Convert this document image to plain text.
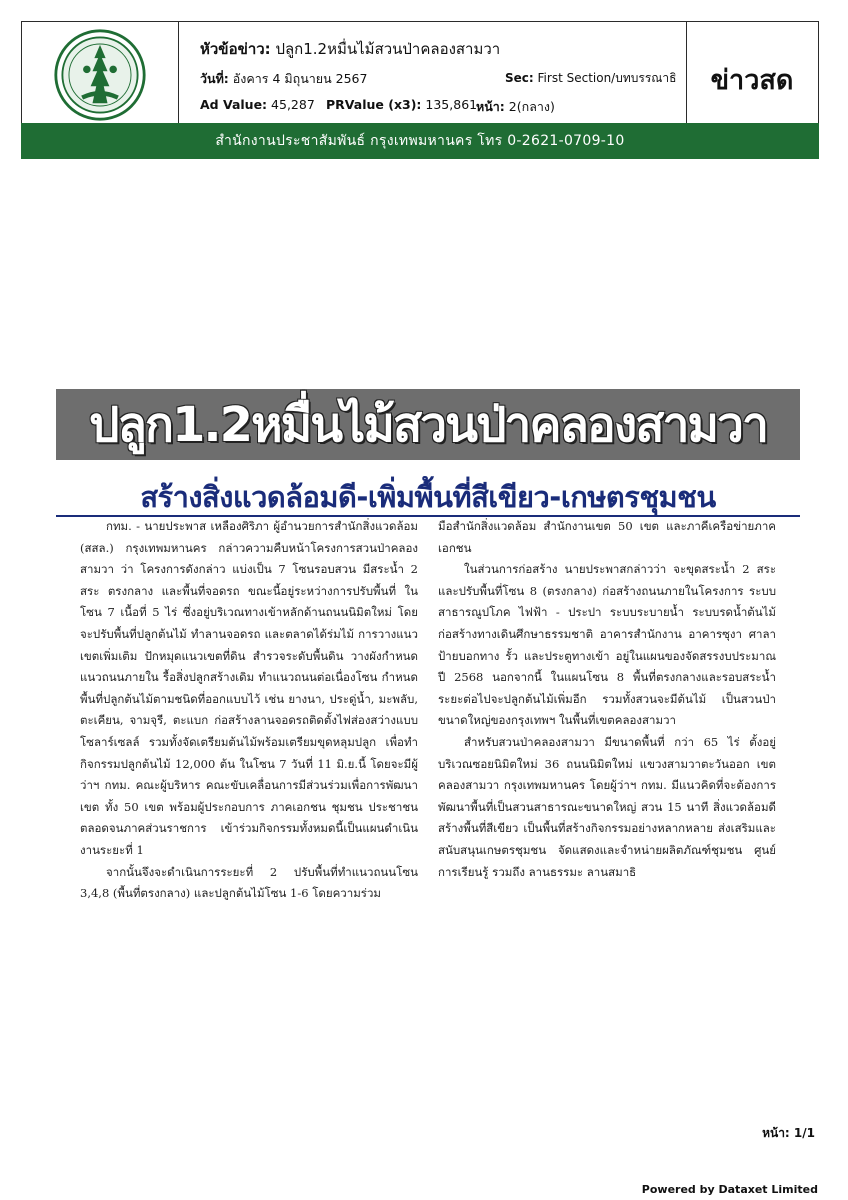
หัวข้อข่าว: ปลูก1.2หมื่นไม้สวนป่าคลองสามวา
วันที่: อังคาร 4 มิถุนายน 2567	Sec: First Section/บทบรรณาธิ
Ad Value: 45,287 PRValue (x3): 135,861
หน้า: 2(กลาง)
ข่าวสด
สำนักงานประชาสัมพันธ์ กรุงเทพมหานคร โทร 0-2621-0709-10
ปลูก1.2หมื่นไม้สวนป่าคลองสามวา
สร้างสิ่งแวดล้อมดี-เพิ่มพื้นที่สีเขียว-เกษตรชุมชน

กทม. - นายประพาส เหลืองศิริภา ผู้อำนวยการสำนักสิ่งแวดล้อม (สสล.) กรุงเทพมหานคร กล่าวความคืบหน้าโครงการสวนป่าคลองสามวา ว่า โครงการดังกล่าว แบ่งเป็น 7 โซนรอบสวน มีสระน้ำ 2 สระ ตรงกลาง และพื้นที่จอดรถ ขณะนี้อยู่ระหว่างการปรับพื้นที่ ในโซน 7 เนื้อที่ 5 ไร่ ซึ่งอยู่บริเวณทางเข้าหลักด้านถนนนิมิตใหม่ โดยจะปรับพื้นที่ปลูกต้นไม้ ทำลานจอดรถ และตลาดได้ร่มไม้ การวางแนวเขตเพิ่มเติม ปักหมุดแนวเขตที่ดิน สำรวจระดับพื้นดิน วางผังกำหนดแนวถนนภายใน รื้อสิ่งปลูกสร้างเดิม ทำแนวถนนต่อเนื่องโซน กำหนดพื้นที่ปลูกต้นไม้ตามชนิดที่ออกแบบไว้ เช่น ยางนา, ประดู่น้ำ, มะพลับ, ตะเคียน, จามจุรี, ตะแบก ก่อสร้างลานจอดรถติดตั้งไฟส่องสว่างแบบโซลาร์เซลล์ รวมทั้งจัดเตรียมต้นไม้พร้อมเตรียมขุดหลุมปลูก เพื่อทำกิจกรรมปลูกต้นไม้ 12,000 ต้น ในโซน 7 วันที่ 11 มิ.ย.นี้ โดยจะมีผู้ว่าฯ กทม. คณะผู้บริหาร คณะขับเคลื่อนการมีส่วนร่วมเพื่อการพัฒนาเขต ทั้ง 50 เขต พร้อมผู้ประกอบการ ภาคเอกชน ชุมชน ประชาชน ตลอดจนภาคส่วนราชการ เข้าร่วมกิจกรรมทั้งหมดนี้เป็นแผนดำเนินงานระยะที่ 1

จากนั้นจึงจะดำเนินการระยะที่ 2 ปรับพื้นที่ทำแนวถนนโซน 3,4,8 (พื้นที่ตรงกลาง) และปลูกต้นไม้โซน 1-6 โดยความร่วม

มือสำนักสิ่งแวดล้อม สำนักงานเขต 50 เขต และภาคีเครือข่ายภาคเอกชน

ในส่วนการก่อสร้าง นายประพาสกล่าวว่า จะขุดสระน้ำ 2 สระ และปรับพื้นที่โซน 8 (ตรงกลาง) ก่อสร้างถนนภายในโครงการ ระบบสาธารณูปโภค ไฟฟ้า - ประปา ระบบระบายน้ำ ระบบรดน้ำต้นไม้ ก่อสร้างทางเดินศึกษาธรรมชาติ อาคารสำนักงาน อาคารซุงา ศาลา ป้ายบอกทาง รั้ว และประตูทางเข้า อยู่ในแผนของจัดสรรงบประมาณปี 2568 นอกจากนี้ ในแผนโซน 8 พื้นที่ตรงกลางและรอบสระน้ำ ระยะต่อไปจะปลูกต้นไม้เพิ่มอีก รวมทั้งสวนจะมีต้นไม้ เป็นสวนป่าขนาดใหญ่ของกรุงเทพฯ ในพื้นที่เขตคลองสามวา

สำหรับสวนป่าคลองสามวา มีขนาดพื้นที่ กว่า 65 ไร่ ตั้งอยู่บริเวณซอยนิมิตใหม่ 36 ถนนนิมิตใหม่ แขวงสามวาตะวันออก เขตคลองสามวา กรุงเทพมหานคร โดยผู้ว่าฯ กทม. มีแนวคิดที่จะต้องการพัฒนาพื้นที่เป็นสวนสาธารณะขนาดใหญ่ สวน 15 นาที สิ่งแวดล้อมดี สร้างพื้นที่สีเขียว เป็นพื้นที่สร้างกิจกรรมอย่างหลากหลาย ส่งเสริมและสนับสนุนเกษตรชุมชน จัดแสดงและจำหน่ายผลิตภัณฑ์ชุมชน ศูนย์การเรียนรู้ รวมถึง ลานธรรมะ ลานสมาธิ

หน้า: 1/1
Powered by Dataxet Limited
